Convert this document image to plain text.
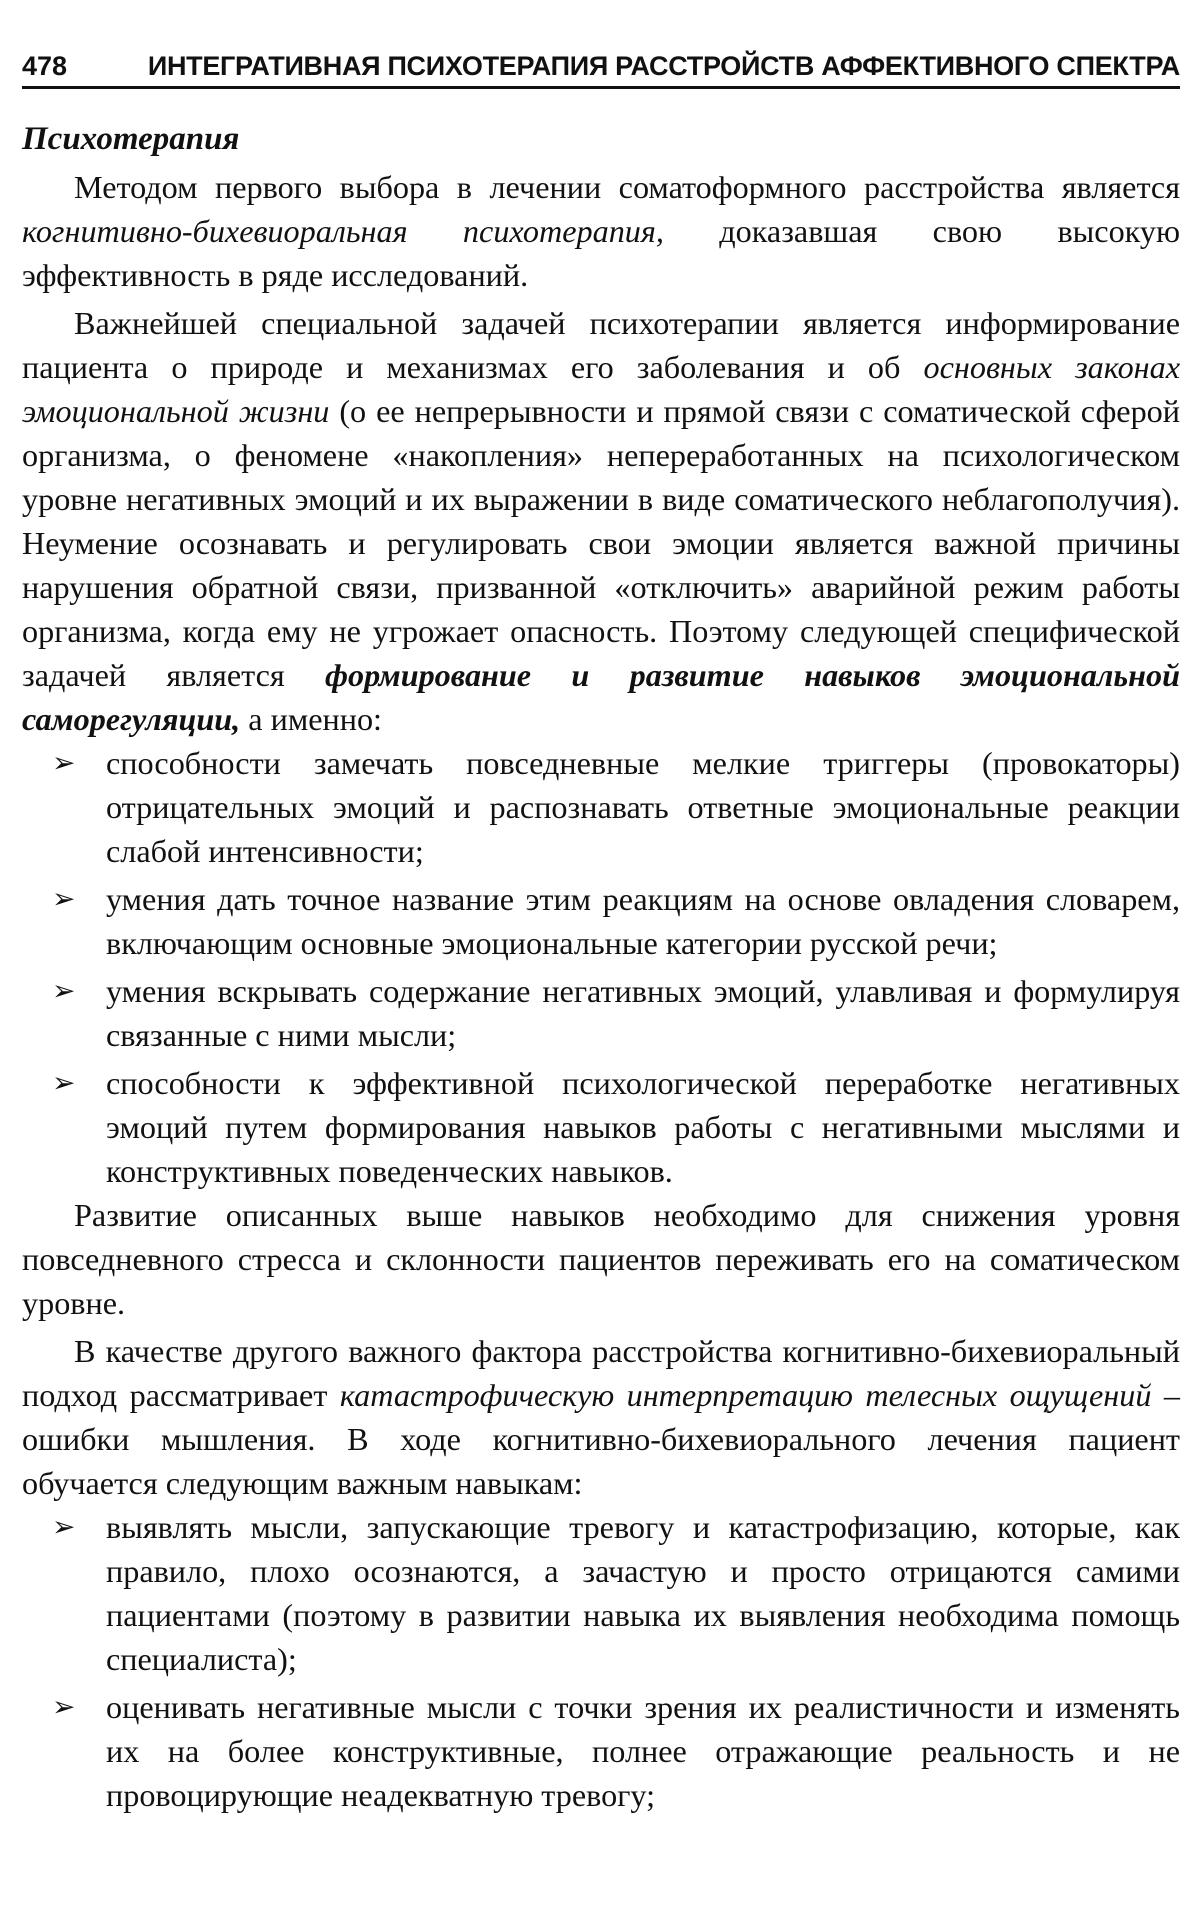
478	ИНТЕГРАТИВНАЯ ПСИХОТЕРАПИЯ РАССТРОЙСТВ АФФЕКТИВНОГО СПЕКТРА
Психотерапия

Методом первого выбора в лечении соматоформного расстройства является когнитивно-бихевиоральная психотерапия, доказавшая свою высокую эффективность в ряде исследований.

Важнейшей специальной задачей психотерапии является информирование пациента о природе и механизмах его заболевания и об основных законах эмоциональной жизни (о ее непрерывности и прямой связи с соматической сферой организма, о феномене «накопления» непереработанных на психологическом уровне негативных эмоций и их выражении в виде соматического неблагополучия). Неумение осознавать и регулировать свои эмоции является важной причины нарушения обратной связи, призванной «отключить» аварийной режим работы организма, когда ему не угрожает опасность. Поэтому следующей специфической задачей является формирование и развитие навыков эмоциональной саморегуляции, а именно:

➢ способности замечать повседневные мелкие триггеры (провокаторы) отрицательных эмоций и распознавать ответные эмоциональные реакции слабой интенсивности;
➢ умения дать точное название этим реакциям на основе овладения словарем, включающим основные эмоциональные категории русской речи;
➢ умения вскрывать содержание негативных эмоций, улавливая и формулируя связанные с ними мысли;
➢ способности к эффективной психологической переработке негативных эмоций путем формирования навыков работы с негативными мыслями и конструктивных поведенческих навыков.

Развитие описанных выше навыков необходимо для снижения уровня повседневного стресса и склонности пациентов переживать его на соматическом уровне.

В качестве другого важного фактора расстройства когнитивно-бихевиоральный подход рассматривает катастрофическую интерпретацию телесных ощущений – ошибки мышления. В ходе когнитивно-бихевиорального лечения пациент обучается следующим важным навыкам:

➢ выявлять мысли, запускающие тревогу и катастрофизацию, которые, как правило, плохо осознаются, а зачастую и просто отрицаются самими пациентами (поэтому в развитии навыка их выявления необходима помощь специалиста);
➢ оценивать негативные мысли с точки зрения их реалистичности и изменять их на более конструктивные, полнее отражающие реальность и не провоцирующие неадекватную тревогу;
